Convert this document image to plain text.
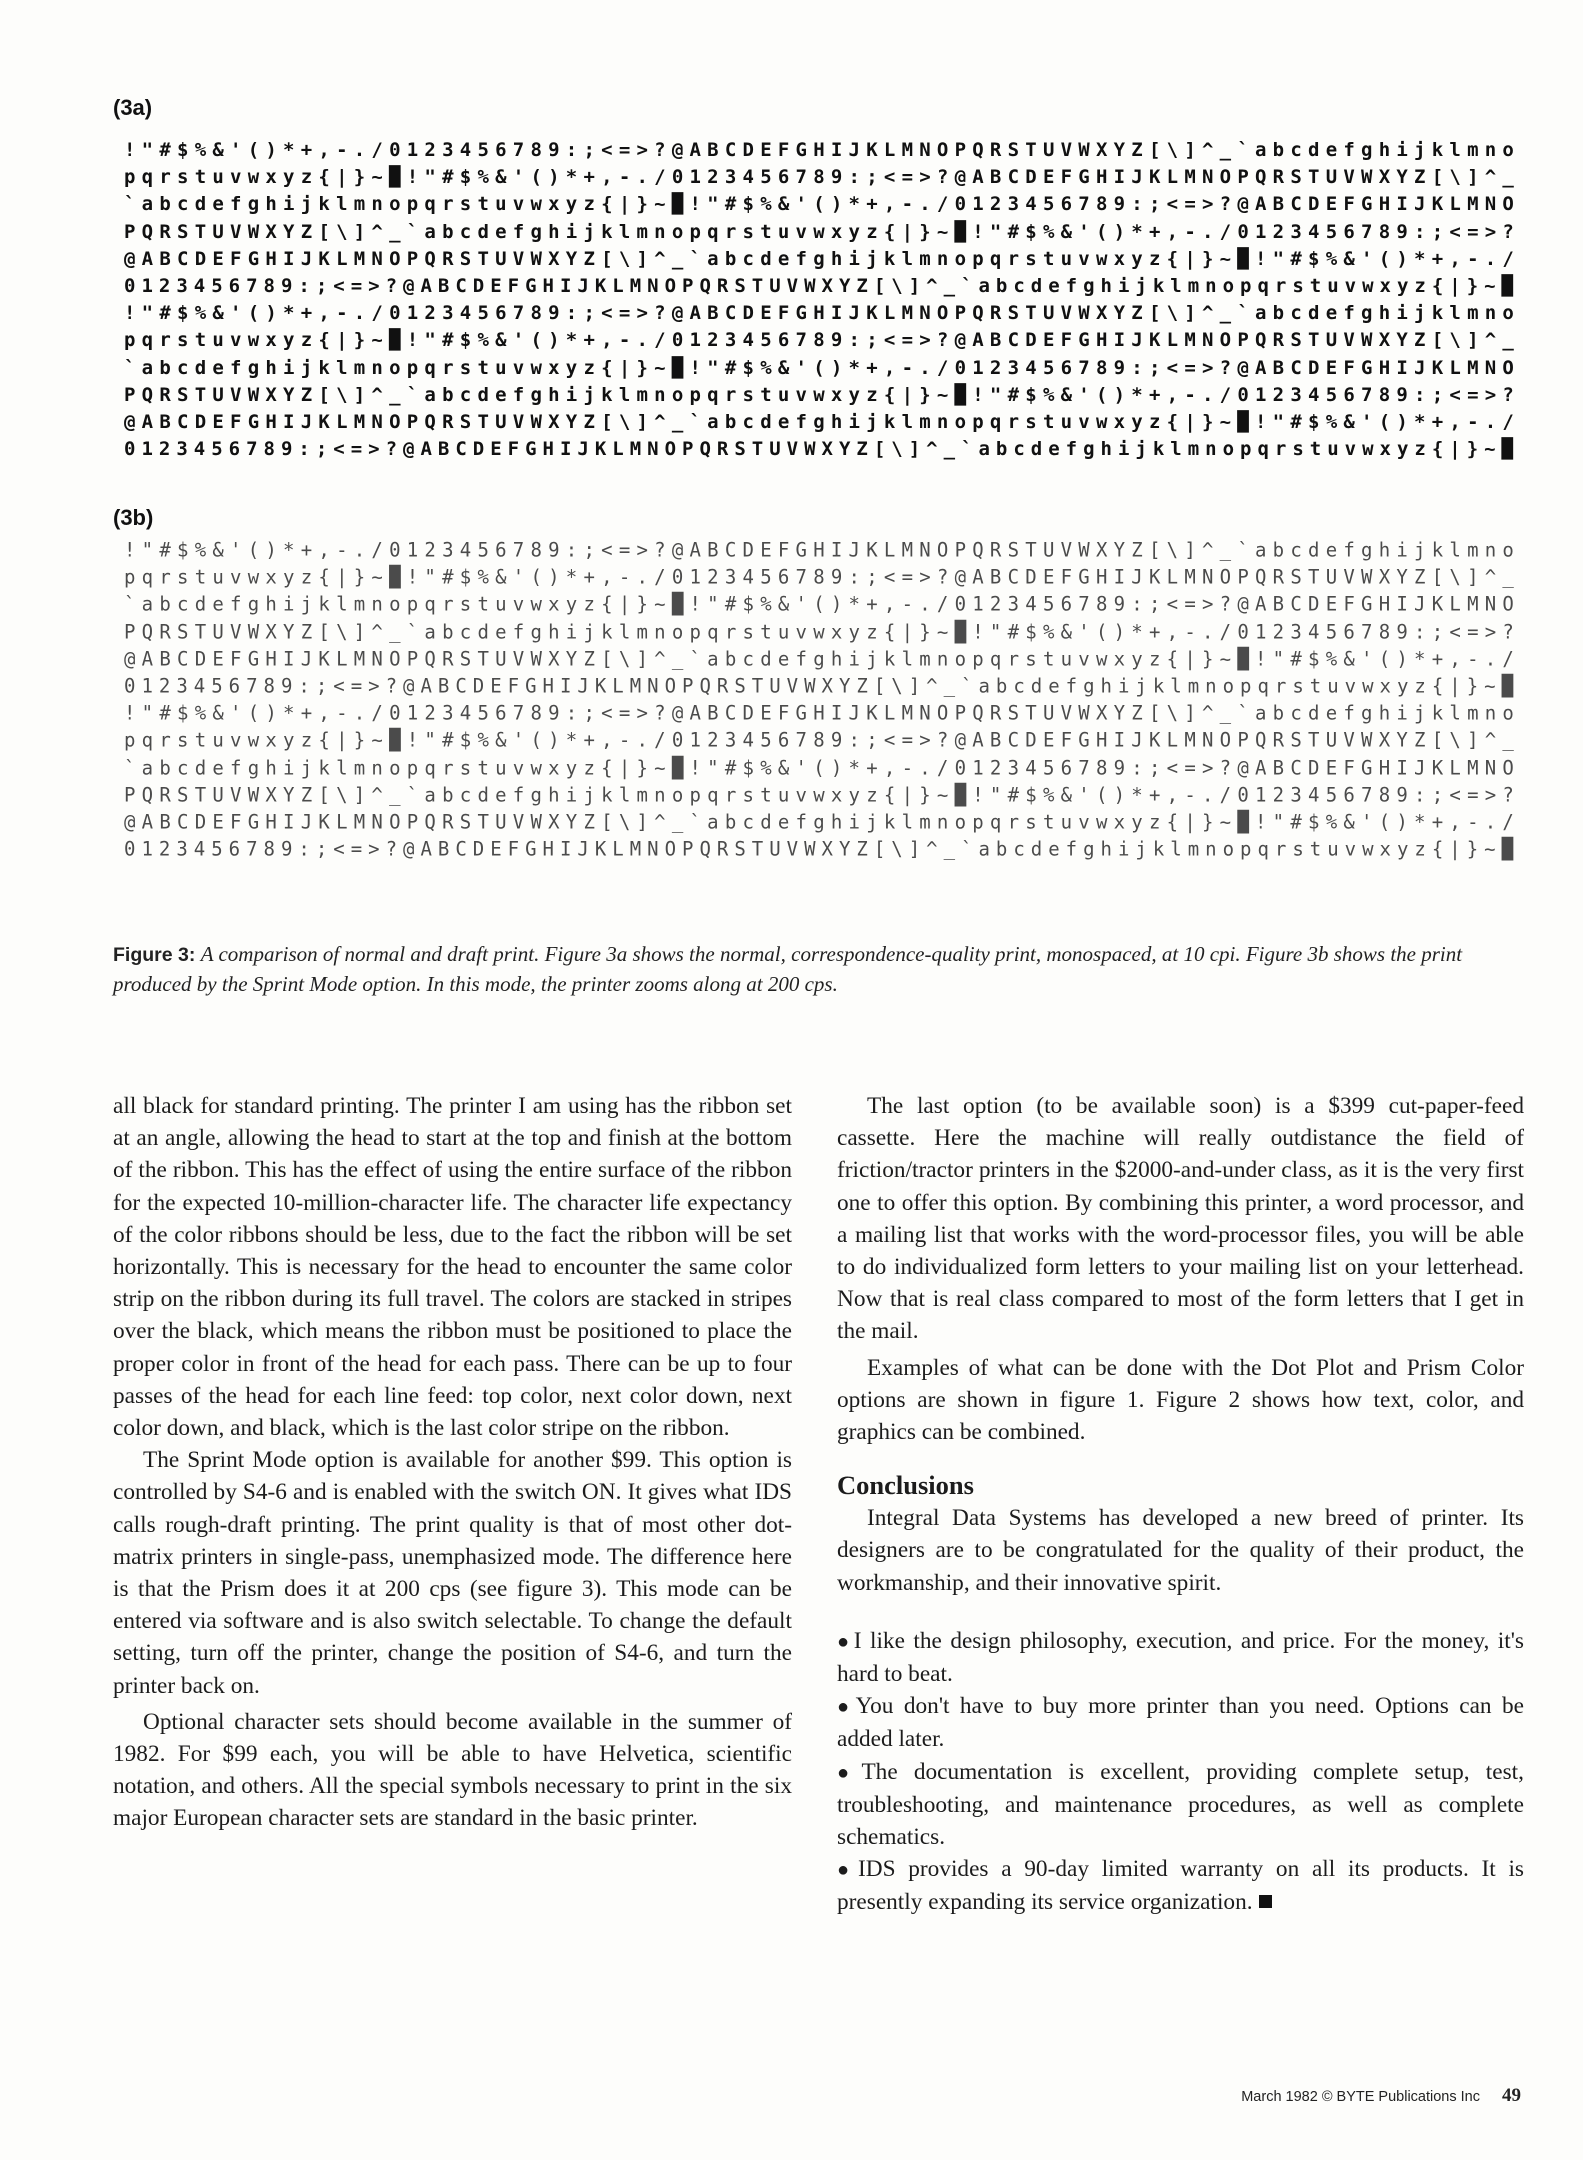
(3a)
! " # $ % & ' ( ) * + , - . / 0 1 2 3 4 5 6 7 8 9 : ; < = > ? @ A B C D E F G H I J K L M N O P Q R S T U V W X Y Z [ \ ] ^ _ ` a b c d e f g h i j k l m n o
p q r s t u v w x y z { | } ~ █ ! " # $ % & ' ( ) * + , - . / 0 1 2 3 4 5 6 7 8 9 : ; < = > ? @ A B C D E F G H I J K L M N O P Q R S T U V W X Y Z [ \ ] ^ _
` a b c d e f g h i j k l m n o p q r s t u v w x y z { | } ~ █ ! " # $ % & ' ( ) * + , - . / 0 1 2 3 4 5 6 7 8 9 : ; < = > ? @ A B C D E F G H I J K L M N O
P Q R S T U V W X Y Z [ \ ] ^ _ ` a b c d e f g h i j k l m n o p q r s t u v w x y z { | } ~ █ ! " # $ % & ' ( ) * + , - . / 0 1 2 3 4 5 6 7 8 9 : ; < = > ?
@ A B C D E F G H I J K L M N O P Q R S T U V W X Y Z [ \ ] ^ _ ` a b c d e f g h i j k l m n o p q r s t u v w x y z { | } ~ █ ! " # $ % & ' ( ) * + , - . /
0 1 2 3 4 5 6 7 8 9 : ; < = > ? @ A B C D E F G H I J K L M N O P Q R S T U V W X Y Z [ \ ] ^ _ ` a b c d e f g h i j k l m n o p q r s t u v w x y z { | } ~ █
! " # $ % & ' ( ) * + , - . / 0 1 2 3 4 5 6 7 8 9 : ; < = > ? @ A B C D E F G H I J K L M N O P Q R S T U V W X Y Z [ \ ] ^ _ ` a b c d e f g h i j k l m n o
p q r s t u v w x y z { | } ~ █ ! " # $ % & ' ( ) * + , - . / 0 1 2 3 4 5 6 7 8 9 : ; < = > ? @ A B C D E F G H I J K L M N O P Q R S T U V W X Y Z [ \ ] ^ _
` a b c d e f g h i j k l m n o p q r s t u v w x y z { | } ~ █ ! " # $ % & ' ( ) * + , - . / 0 1 2 3 4 5 6 7 8 9 : ; < = > ? @ A B C D E F G H I J K L M N O
P Q R S T U V W X Y Z [ \ ] ^ _ ` a b c d e f g h i j k l m n o p q r s t u v w x y z { | } ~ █ ! " # $ % & ' ( ) * + , - . / 0 1 2 3 4 5 6 7 8 9 : ; < = > ?
@ A B C D E F G H I J K L M N O P Q R S T U V W X Y Z [ \ ] ^ _ ` a b c d e f g h i j k l m n o p q r s t u v w x y z { | } ~ █ ! " # $ % & ' ( ) * + , - . /
0 1 2 3 4 5 6 7 8 9 : ; < = > ? @ A B C D E F G H I J K L M N O P Q R S T U V W X Y Z [ \ ] ^ _ ` a b c d e f g h i j k l m n o p q r s t u v w x y z { | } ~ █
(3b)
! " # $ % & ' ( ) * + , - . / 0 1 2 3 4 5 6 7 8 9 : ; < = > ? @ A B C D E F G H I J K L M N O P Q R S T U V W X Y Z [ \ ] ^ _ ` a b c d e f g h i j k l m n o
p q r s t u v w x y z { | } ~ █ ! " # $ % & ' ( ) * + , - . / 0 1 2 3 4 5 6 7 8 9 : ; < = > ? @ A B C D E F G H I J K L M N O P Q R S T U V W X Y Z [ \ ] ^ _
` a b c d e f g h i j k l m n o p q r s t u v w x y z { | } ~ █ ! " # $ % & ' ( ) * + , - . / 0 1 2 3 4 5 6 7 8 9 : ; < = > ? @ A B C D E F G H I J K L M N O
P Q R S T U V W X Y Z [ \ ] ^ _ ` a b c d e f g h i j k l m n o p q r s t u v w x y z { | } ~ █ ! " # $ % & ' ( ) * + , - . / 0 1 2 3 4 5 6 7 8 9 : ; < = > ?
@ A B C D E F G H I J K L M N O P Q R S T U V W X Y Z [ \ ] ^ _ ` a b c d e f g h i j k l m n o p q r s t u v w x y z { | } ~ █ ! " # $ % & ' ( ) * + , - . /
0 1 2 3 4 5 6 7 8 9 : ; < = > ? @ A B C D E F G H I J K L M N O P Q R S T U V W X Y Z [ \ ] ^ _ ` a b c d e f g h i j k l m n o p q r s t u v w x y z { | } ~ █
! " # $ % & ' ( ) * + , - . / 0 1 2 3 4 5 6 7 8 9 : ; < = > ? @ A B C D E F G H I J K L M N O P Q R S T U V W X Y Z [ \ ] ^ _ ` a b c d e f g h i j k l m n o
p q r s t u v w x y z { | } ~ █ ! " # $ % & ' ( ) * + , - . / 0 1 2 3 4 5 6 7 8 9 : ; < = > ? @ A B C D E F G H I J K L M N O P Q R S T U V W X Y Z [ \ ] ^ _
` a b c d e f g h i j k l m n o p q r s t u v w x y z { | } ~ █ ! " # $ % & ' ( ) * + , - . / 0 1 2 3 4 5 6 7 8 9 : ; < = > ? @ A B C D E F G H I J K L M N O
P Q R S T U V W X Y Z [ \ ] ^ _ ` a b c d e f g h i j k l m n o p q r s t u v w x y z { | } ~ █ ! " # $ % & ' ( ) * + , - . / 0 1 2 3 4 5 6 7 8 9 : ; < = > ?
@ A B C D E F G H I J K L M N O P Q R S T U V W X Y Z [ \ ] ^ _ ` a b c d e f g h i j k l m n o p q r s t u v w x y z { | } ~ █ ! " # $ % & ' ( ) * + , - . /
0 1 2 3 4 5 6 7 8 9 : ; < = > ? @ A B C D E F G H I J K L M N O P Q R S T U V W X Y Z [ \ ] ^ _ ` a b c d e f g h i j k l m n o p q r s t u v w x y z { | } ~ █
Figure 3: A comparison of normal and draft print. Figure 3a shows the normal, correspondence-quality print, monospaced, at 10 cpi. Figure 3b shows the print produced by the Sprint Mode option. In this mode, the printer zooms along at 200 cps.

all black for standard printing. The printer I am using has the ribbon set at an angle, allowing the head to start at the top and finish at the bottom of the ribbon. This has the effect of using the entire surface of the ribbon for the expected 10-million-character life. The character life expectancy of the color ribbons should be less, due to the fact the ribbon will be set horizontally. This is necessary for the head to encounter the same color strip on the ribbon during its full travel. The colors are stacked in stripes over the black, which means the ribbon must be positioned to place the proper color in front of the head for each pass. There can be up to four passes of the head for each line feed: top color, next color down, next color down, and black, which is the last color stripe on the ribbon.

The Sprint Mode option is available for another $99. This option is controlled by S4-6 and is enabled with the switch ON. It gives what IDS calls rough-draft printing. The print quality is that of most other dot-matrix printers in single-pass, unemphasized mode. The difference here is that the Prism does it at 200 cps (see figure 3). This mode can be entered via software and is also switch selectable. To change the default setting, turn off the printer, change the position of S4-6, and turn the printer back on.

Optional character sets should become available in the summer of 1982. For $99 each, you will be able to have Helvetica, scientific notation, and others. All the special symbols necessary to print in the six major European character sets are standard in the basic printer.

The last option (to be available soon) is a $399 cut-paper-feed cassette. Here the machine will really outdistance the field of friction/tractor printers in the $2000-and-under class, as it is the very first one to offer this option. By combining this printer, a word processor, and a mailing list that works with the word-processor files, you will be able to do individualized form letters to your mailing list on your letterhead. Now that is real class compared to most of the form letters that I get in the mail.

Examples of what can be done with the Dot Plot and Prism Color options are shown in figure 1. Figure 2 shows how text, color, and graphics can be combined.

Conclusions

Integral Data Systems has developed a new breed of printer. Its designers are to be congratulated for the quality of their product, the workmanship, and their innovative spirit.

●I like the design philosophy, execution, and price. For the money, it's hard to beat.
●You don't have to buy more printer than you need. Options can be added later.
●The documentation is excellent, providing complete setup, test, troubleshooting, and maintenance procedures, as well as complete schematics.
●IDS provides a 90-day limited warranty on all its products. It is presently expanding its service organization.
March 1982 © BYTE Publications Inc 49
